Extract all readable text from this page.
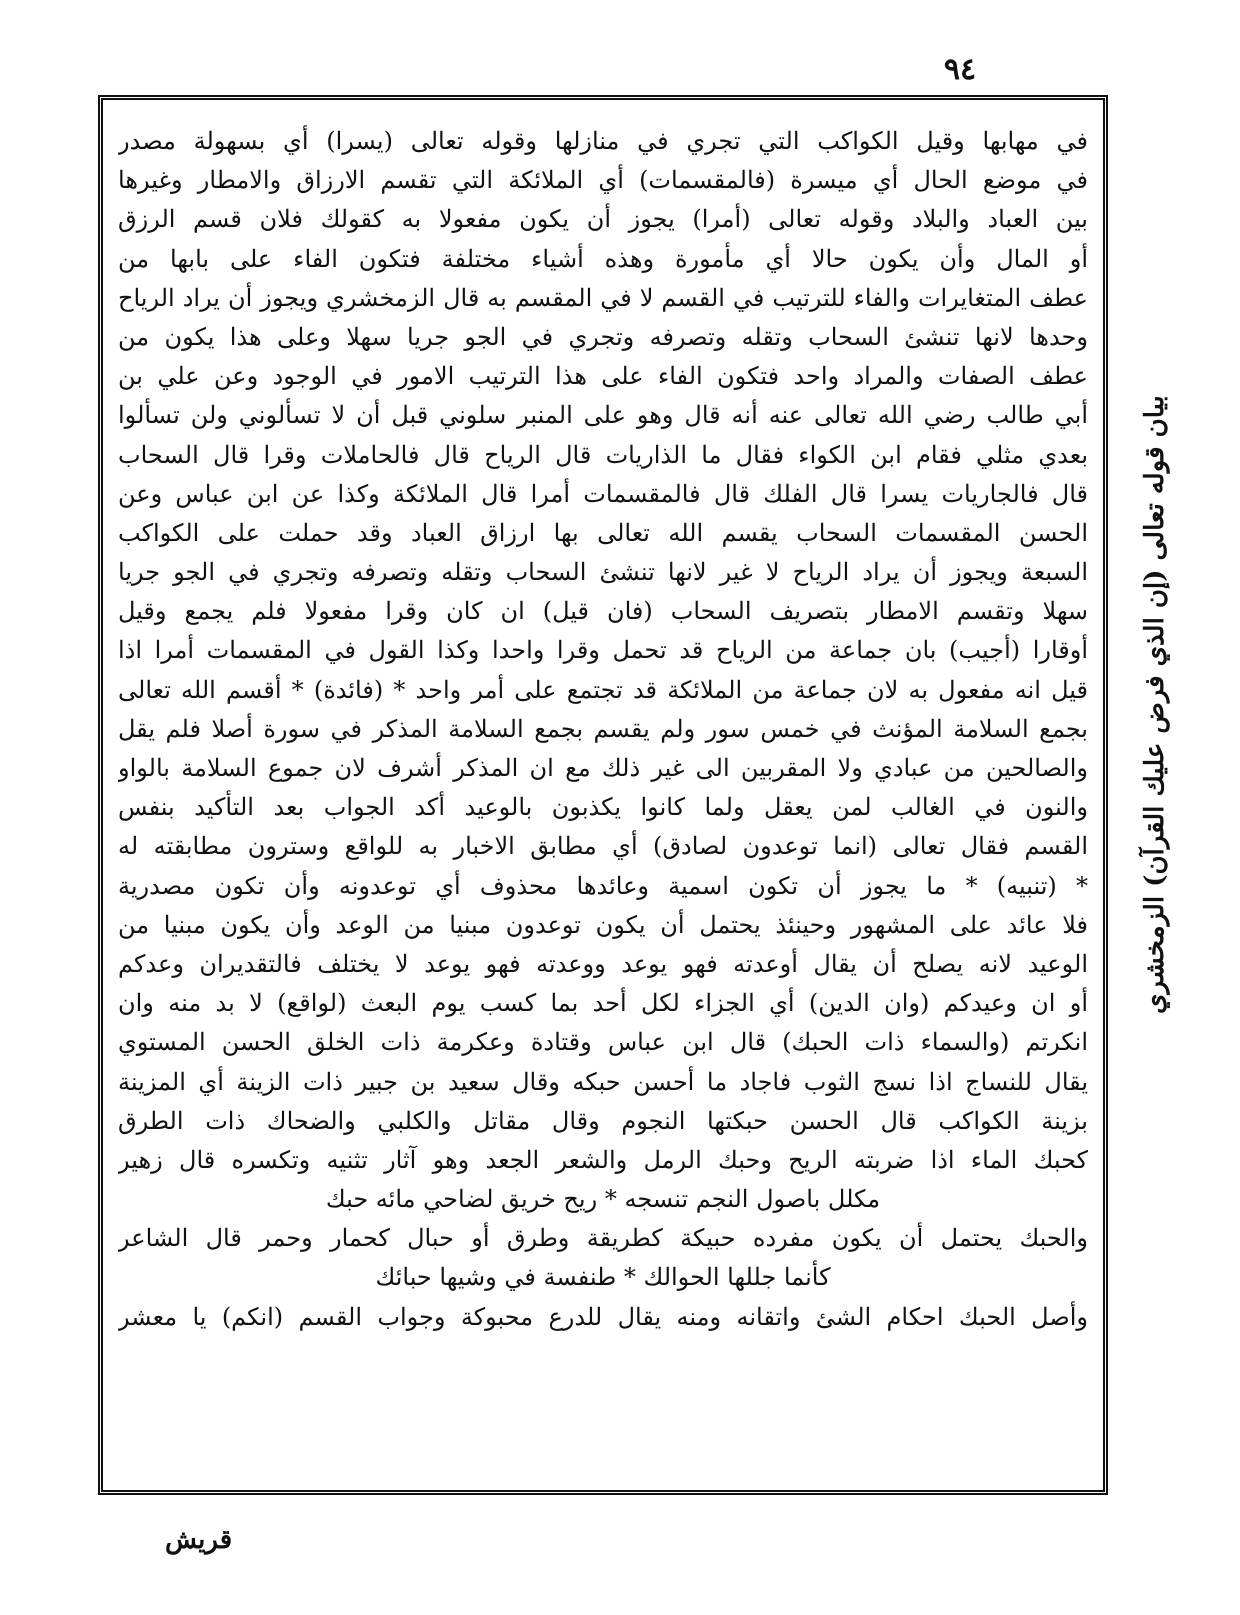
٩٤
بيان قوله تعالى (إن الذي فرض عليك القرآن) الزمخشري
في مهابها وقيل الكواكب التي تجري في منازلها وقوله تعالى (يسرا) أي بسهولة مصدر
في موضع الحال أي ميسرة (فالمقسمات) أي الملائكة التي تقسم الارزاق والامطار وغيرها
بين العباد والبلاد وقوله تعالى (أمرا) يجوز أن يكون مفعولا به كقولك فلان قسم الرزق
أو المال وأن يكون حالا أي مأمورة وهذه أشياء مختلفة فتكون الفاء على بابها من
عطف المتغايرات والفاء للترتيب في القسم لا في المقسم به قال الزمخشري ويجوز أن يراد الرياح
وحدها لانها تنشئ السحاب وتقله وتصرفه وتجري في الجو جريا سهلا وعلى هذا يكون من
عطف الصفات والمراد واحد فتكون الفاء على هذا الترتيب الامور في الوجود وعن علي بن
أبي طالب رضي الله تعالى عنه أنه قال وهو على المنبر سلوني قبل أن لا تسألوني ولن تسألوا
بعدي مثلي فقام ابن الكواء فقال ما الذاريات قال الرياح قال فالحاملات وقرا قال السحاب
قال فالجاريات يسرا قال الفلك قال فالمقسمات أمرا قال الملائكة وكذا عن ابن عباس وعن
الحسن المقسمات السحاب يقسم الله تعالى بها ارزاق العباد وقد حملت على الكواكب
السبعة ويجوز أن يراد الرياح لا غير لانها تنشئ السحاب وتقله وتصرفه وتجري في الجو جريا
سهلا وتقسم الامطار بتصريف السحاب (فان قيل) ان كان وقرا مفعولا فلم يجمع وقيل
أوقارا (أجيب) بان جماعة من الرياح قد تحمل وقرا واحدا وكذا القول في المقسمات أمرا اذا
قيل انه مفعول به لان جماعة من الملائكة قد تجتمع على أمر واحد * (فائدة) * أقسم الله تعالى
بجمع السلامة المؤنث في خمس سور ولم يقسم بجمع السلامة المذكر في سورة أصلا فلم يقل
والصالحين من عبادي ولا المقربين الى غير ذلك مع ان المذكر أشرف لان جموع السلامة بالواو
والنون في الغالب لمن يعقل ولما كانوا يكذبون بالوعيد أكد الجواب بعد التأكيد بنفس
القسم فقال تعالى (انما توعدون لصادق) أي مطابق الاخبار به للواقع وسترون مطابقته له
* (تنبيه) * ما يجوز أن تكون اسمية وعائدها محذوف أي توعدونه وأن تكون مصدرية
فلا عائد على المشهور وحينئذ يحتمل أن يكون توعدون مبنيا من الوعد وأن يكون مبنيا من
الوعيد لانه يصلح أن يقال أوعدته فهو يوعد ووعدته فهو يوعد لا يختلف فالتقديران وعدكم
أو ان وعيدكم (وان الدين) أي الجزاء لكل أحد بما كسب يوم البعث (لواقع) لا بد منه وان
انكرتم (والسماء ذات الحبك) قال ابن عباس وقتادة وعكرمة ذات الخلق الحسن المستوي
يقال للنساج اذا نسج الثوب فاجاد ما أحسن حبكه وقال سعيد بن جبير ذات الزينة أي المزينة
بزينة الكواكب قال الحسن حبكتها النجوم وقال مقاتل والكلبي والضحاك ذات الطرق
كحبك الماء اذا ضربته الريح وحبك الرمل والشعر الجعد وهو آثار تثنيه وتكسره قال زهير
مكلل باصول النجم تنسجه * ريح خريق لضاحي مائه حبك
والحبك يحتمل أن يكون مفرده حبيكة كطريقة وطرق أو حبال كحمار وحمر قال الشاعر
كأنما جللها الحوالك * طنفسة في وشيها حبائك
وأصل الحبك احكام الشئ واتقانه ومنه يقال للدرع محبوكة وجواب القسم (انكم) يا معشر
قريش
